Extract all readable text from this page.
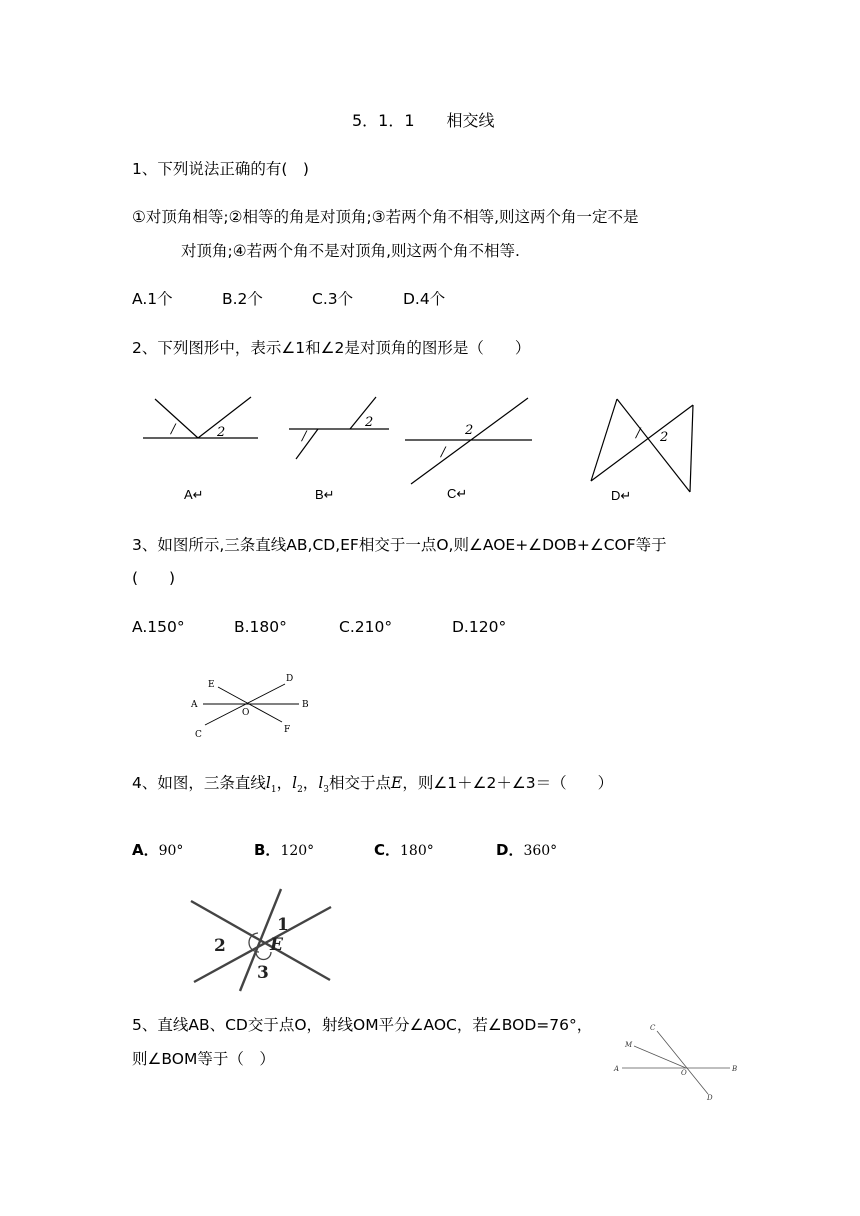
5．1．1　　相交线
1、下列说法正确的有(　)
①对顶角相等;②相等的角是对顶角;③若两个角不相等,则这两个角一定不是
对顶角;④若两个角不是对顶角,则这两个角不相等.
A.1个	B.2个	C.3个	D.4个
2、下列图形中，表示∠1和∠2是对顶角的图形是（　　）
/	2	/
2
/
2	/ 2
A↵	B↵	C↵	D↵
3、如图所示,三条直线AB,CD,EF相交于一点O,则∠AOE+∠DOB+∠COF等于
(　　)
A.150°	B.180°	C.210°	D.120°
A	B
C
D
E
F
O
4、如图，三条直线$l_1$，$l_2$，$l_3$相交于点E，则∠1＋∠2＋∠3＝（　　）
A．90°	B．120°	C．180°	D．360°
1
2
3
E
5、直线AB、CD交于点O，射线OM平分∠AOC，若∠BOD=76°，
则∠BOM等于（　）
A	B
C
D
M
O
